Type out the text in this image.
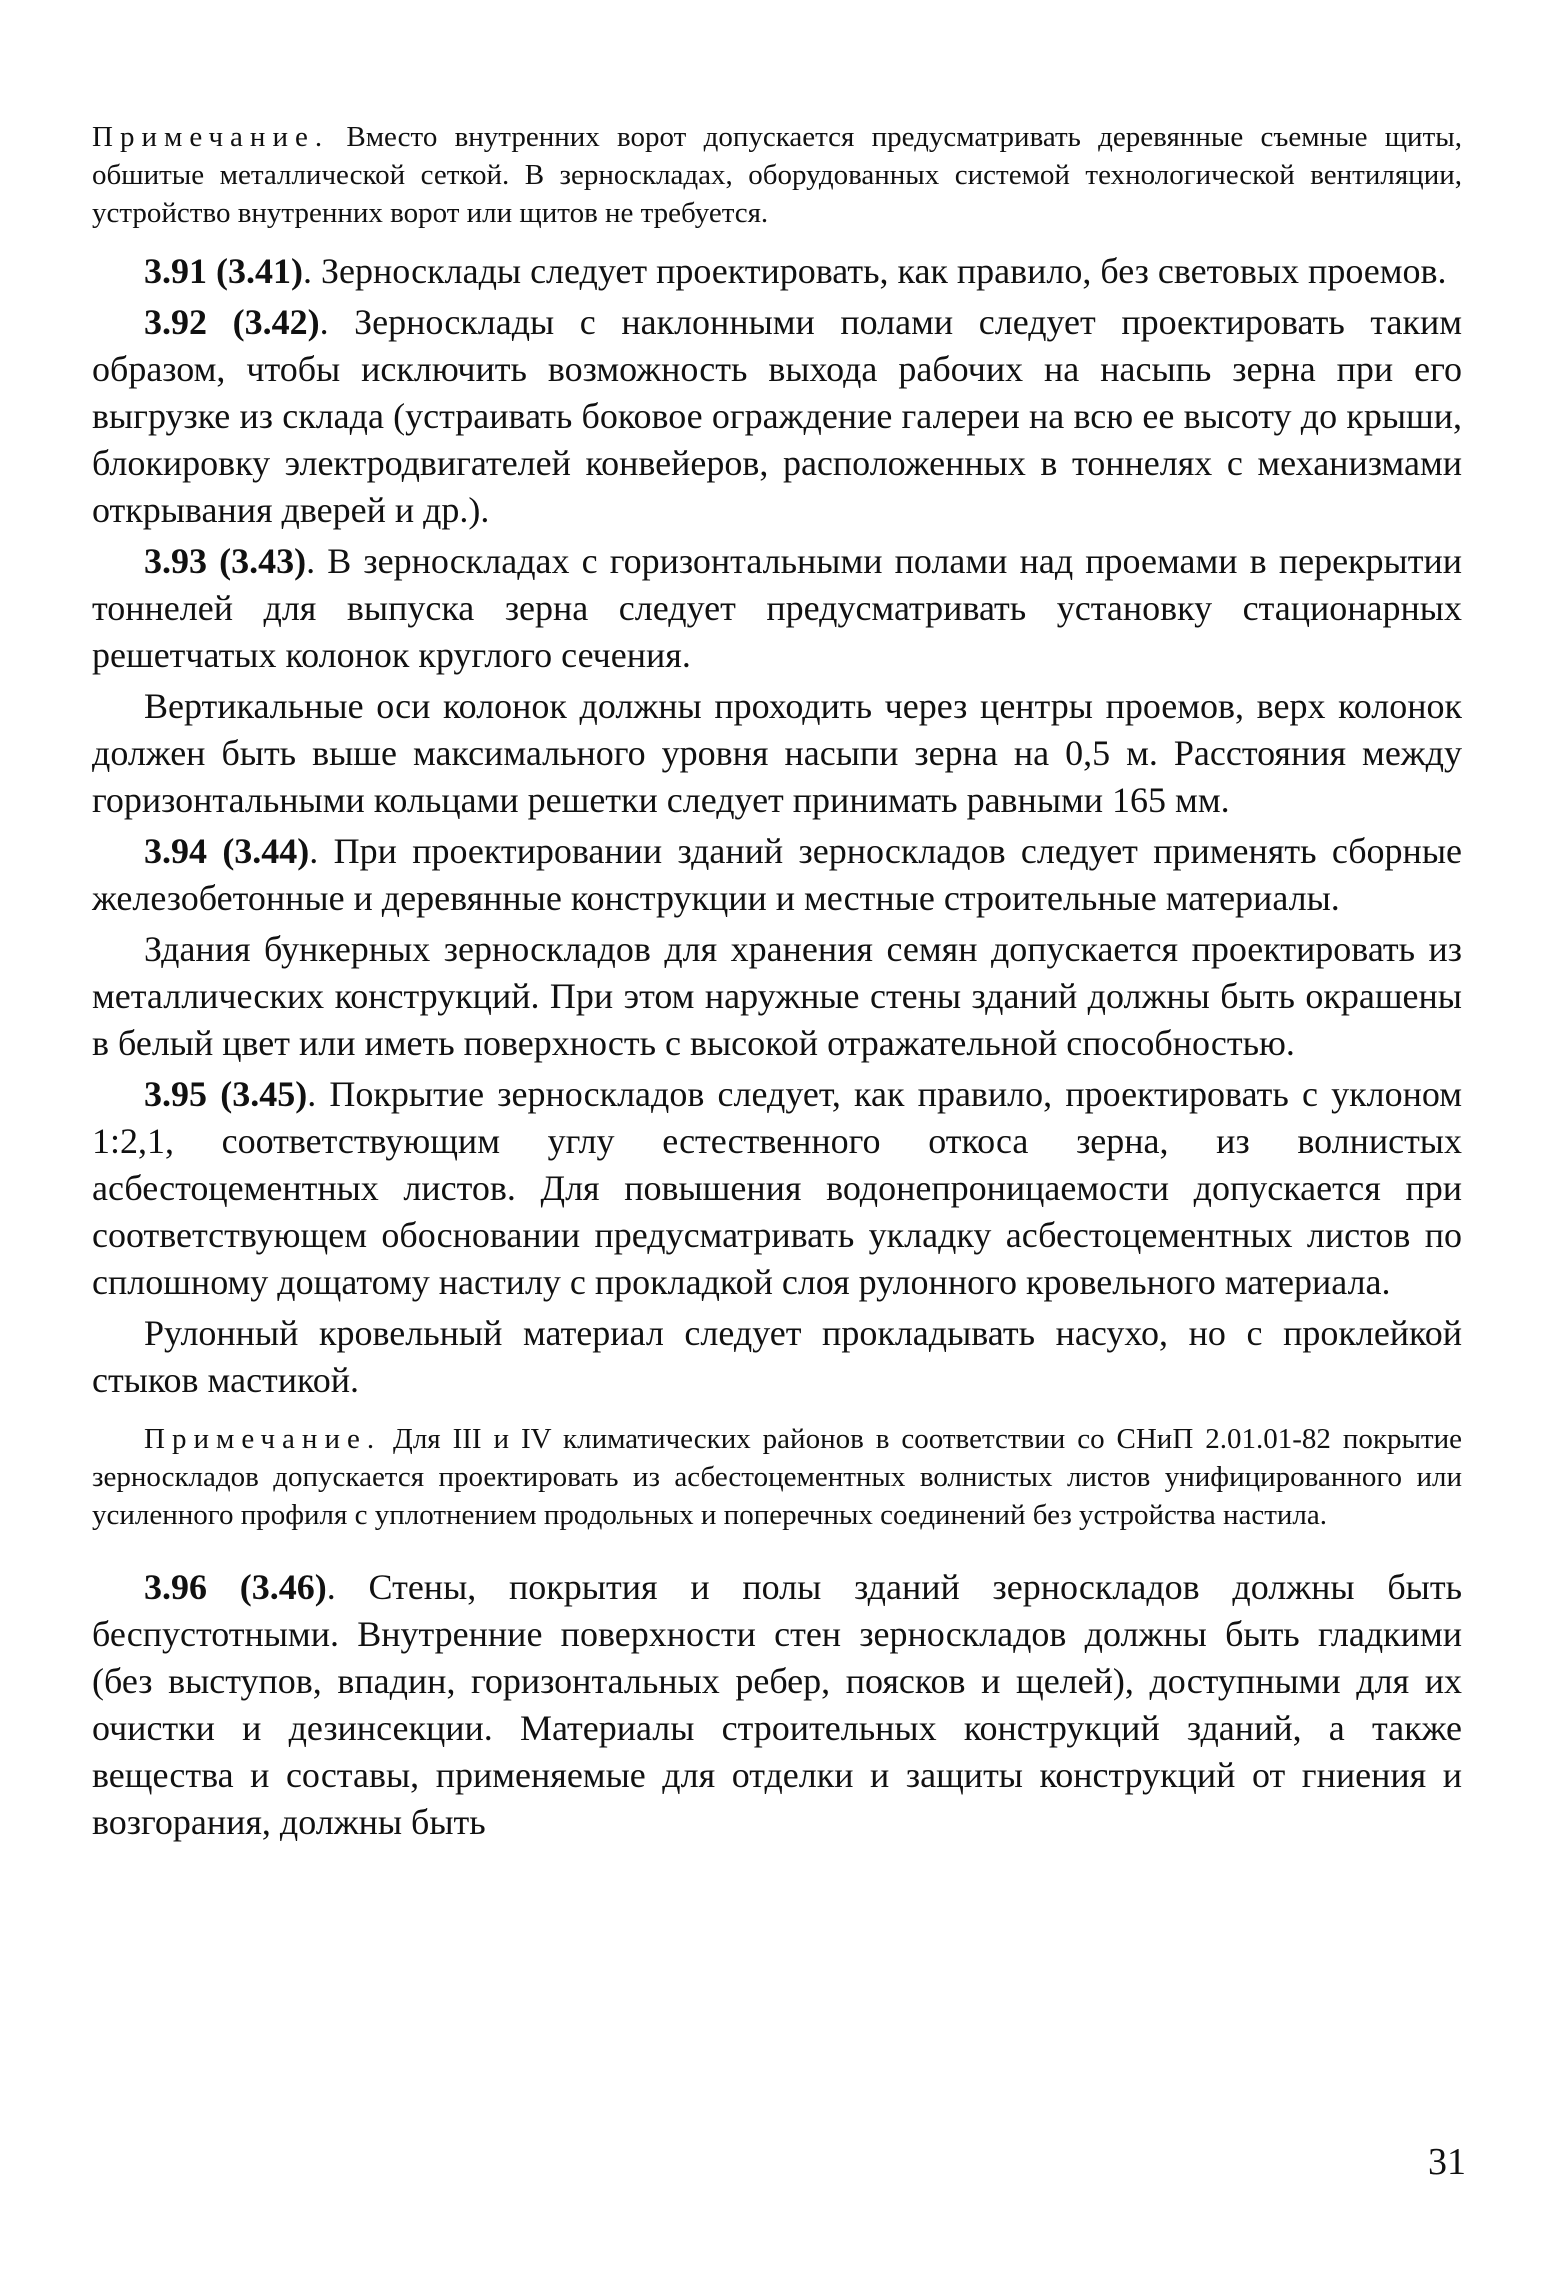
Примечание. Вместо внутренних ворот допускается предусматривать деревянные съемные щиты, обшитые металлической сеткой. В зерноскладах, оборудованных системой технологической вентиляции, устройство внутренних ворот или щитов не требуется.

3.91 (3.41). Зерносклады следует проектировать, как правило, без световых проемов.

3.92 (3.42). Зерносклады с наклонными полами следует проектировать таким образом, чтобы исключить возможность выхода рабочих на насыпь зерна при его выгрузке из склада (устраивать боковое ограждение галереи на всю ее высоту до крыши, блокировку электродвигателей конвейеров, расположенных в тоннелях с механизмами открывания дверей и др.).

3.93 (3.43). В зерноскладах с горизонтальными полами над проемами в перекрытии тоннелей для выпуска зерна следует предусматривать установку стационарных решетчатых колонок круглого сечения.

Вертикальные оси колонок должны проходить через центры проемов, верх колонок должен быть выше максимального уровня насыпи зерна на 0,5 м. Расстояния между горизонтальными кольцами решетки следует принимать равными 165 мм.

3.94 (3.44). При проектировании зданий зерноскладов следует применять сборные железобетонные и деревянные конструкции и местные строительные материалы.

Здания бункерных зерноскладов для хранения семян допускается проектировать из металлических конструкций. При этом наружные стены зданий должны быть окрашены в белый цвет или иметь поверхность с высокой отражательной способностью.

3.95 (3.45). Покрытие зерноскладов следует, как правило, проектировать с уклоном 1:2,1, соответствующим углу естественного откоса зерна, из волнистых асбестоцементных листов. Для повышения водонепроницаемости допускается при соответствующем обосновании предусматривать укладку асбестоцементных листов по сплошному дощатому настилу с прокладкой слоя рулонного кровельного материала.

Рулонный кровельный материал следует прокладывать насухо, но с проклейкой стыков мастикой.

Примечание. Для III и IV климатических районов в соответствии со СНиП 2.01.01-82 покрытие зерноскладов допускается проектировать из асбестоцементных волнистых листов унифицированного или усиленного профиля с уплотнением продольных и поперечных соединений без устройства настила.

3.96 (3.46). Стены, покрытия и полы зданий зерноскладов должны быть беспустотными. Внутренние поверхности стен зерноскладов должны быть гладкими (без выступов, впадин, горизонтальных ребер, поясков и щелей), доступными для их очистки и дезинсекции. Материалы строительных конструкций зданий, а также вещества и составы, применяемые для отделки и защиты конструкций от гниения и возгорания, должны быть

31
